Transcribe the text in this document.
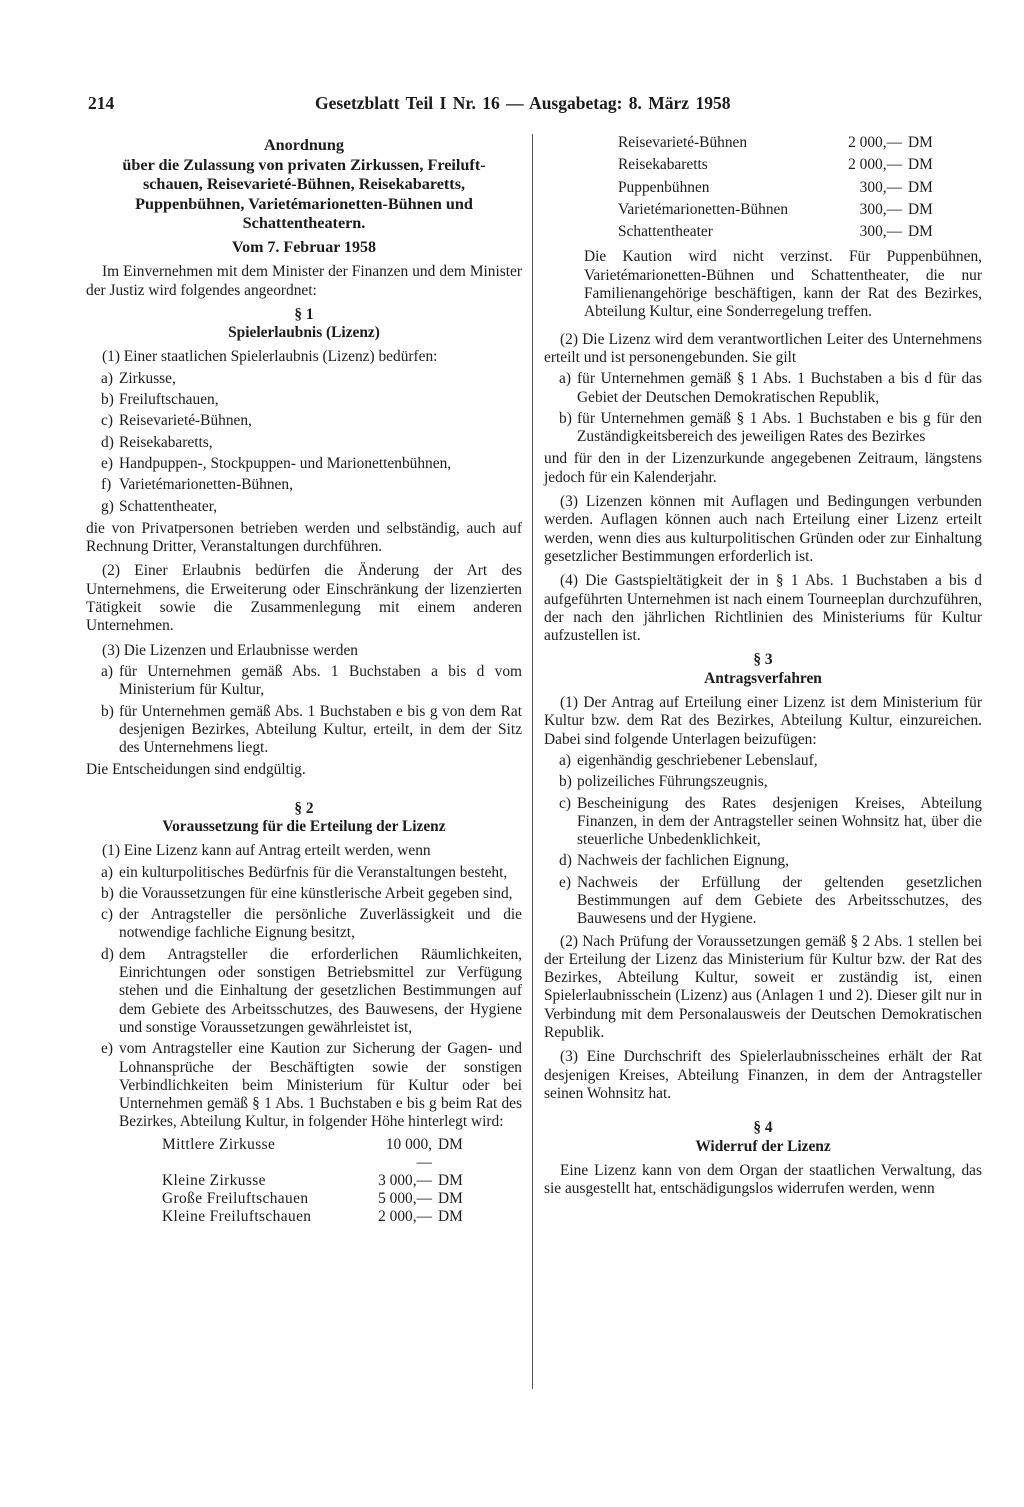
214	Gesetzblatt Teil I Nr. 16 — Ausgabetag: 8. März 1958
Anordnung
über die Zulassung von privaten Zirkussen, Freiluft-
schauen, Reisevarieté-Bühnen, Reisekabaretts,
Puppenbühnen, Varietémarionetten-Bühnen und
Schattentheatern.
Vom 7. Februar 1958

Im Einvernehmen mit dem Minister der Finanzen und dem Minister der Justiz wird folgendes angeordnet:

§ 1
Spielerlaubnis (Lizenz)

(1) Einer staatlichen Spielerlaubnis (Lizenz) bedürfen:

a) Zirkusse,
b) Freiluftschauen,
c) Reisevarieté-Bühnen,
d) Reisekabaretts,
e) Handpuppen-, Stockpuppen- und Marionettenbühnen,
f) Varietémarionetten-Bühnen,
g) Schattentheater,

die von Privatpersonen betrieben werden und selbständig, auch auf Rechnung Dritter, Veranstaltungen durchführen.

(2) Einer Erlaubnis bedürfen die Änderung der Art des Unternehmens, die Erweiterung oder Einschränkung der lizenzierten Tätigkeit sowie die Zusammenlegung mit einem anderen Unternehmen.

(3) Die Lizenzen und Erlaubnisse werden

a) für Unternehmen gemäß Abs. 1 Buchstaben a bis d vom Ministerium für Kultur,
b) für Unternehmen gemäß Abs. 1 Buchstaben e bis g von dem Rat desjenigen Bezirkes, Abteilung Kultur, erteilt, in dem der Sitz des Unternehmens liegt.

Die Entscheidungen sind endgültig.

§ 2
Voraussetzung für die Erteilung der Lizenz

(1) Eine Lizenz kann auf Antrag erteilt werden, wenn

a) ein kulturpolitisches Bedürfnis für die Veranstaltungen besteht,
b) die Voraussetzungen für eine künstlerische Arbeit gegeben sind,
c) der Antragsteller die persönliche Zuverlässigkeit und die notwendige fachliche Eignung besitzt,
d) dem Antragsteller die erforderlichen Räumlichkeiten, Einrichtungen oder sonstigen Betriebsmittel zur Verfügung stehen und die Einhaltung der gesetzlichen Bestimmungen auf dem Gebiete des Arbeitsschutzes, des Bauwesens, der Hygiene und sonstige Voraussetzungen gewährleistet ist,
e) vom Antragsteller eine Kaution zur Sicherung der Gagen- und Lohnansprüche der Beschäftigten sowie der sonstigen Verbindlichkeiten beim Ministerium für Kultur oder bei Unternehmen gemäß § 1 Abs. 1 Buchstaben e bis g beim Rat des Bezirkes, Abteilung Kultur, in folgender Höhe hinterlegt wird:
Mittlere Zirkusse	10 000,—
DM
Kleine Zirkusse	3 000,— DM
Große Freiluftschauen	5 000,— DM
Kleine Freiluftschauen	2 000,— DM
Reisevarieté-Bühnen	2 000,— DM
Reisekabaretts	2 000,— DM
Puppenbühnen	300,— DM
Varietémarionetten-Bühnen	300,— DM
Schattentheater	300,— DM

Die Kaution wird nicht verzinst. Für Puppenbühnen, Varietémarionetten-Bühnen und Schattentheater, die nur Familienangehörige beschäftigen, kann der Rat des Bezirkes, Abteilung Kultur, eine Sonderregelung treffen.

(2) Die Lizenz wird dem verantwortlichen Leiter des Unternehmens erteilt und ist personengebunden. Sie gilt

a) für Unternehmen gemäß § 1 Abs. 1 Buchstaben a bis d für das Gebiet der Deutschen Demokratischen Republik,
b) für Unternehmen gemäß § 1 Abs. 1 Buchstaben e bis g für den Zuständigkeitsbereich des jeweiligen Rates des Bezirkes

und für den in der Lizenzurkunde angegebenen Zeitraum, längstens jedoch für ein Kalenderjahr.

(3) Lizenzen können mit Auflagen und Bedingungen verbunden werden. Auflagen können auch nach Erteilung einer Lizenz erteilt werden, wenn dies aus kulturpolitischen Gründen oder zur Einhaltung gesetzlicher Bestimmungen erforderlich ist.

(4) Die Gastspieltätigkeit der in § 1 Abs. 1 Buchstaben a bis d aufgeführten Unternehmen ist nach einem Tourneeplan durchzuführen, der nach den jährlichen Richtlinien des Ministeriums für Kultur aufzustellen ist.

§ 3
Antragsverfahren

(1) Der Antrag auf Erteilung einer Lizenz ist dem Ministerium für Kultur bzw. dem Rat des Bezirkes, Abteilung Kultur, einzureichen. Dabei sind folgende Unterlagen beizufügen:

a) eigenhändig geschriebener Lebenslauf,
b) polizeiliches Führungszeugnis,
c) Bescheinigung des Rates desjenigen Kreises, Abteilung Finanzen, in dem der Antragsteller seinen Wohnsitz hat, über die steuerliche Unbedenklichkeit,
d) Nachweis der fachlichen Eignung,
e) Nachweis der Erfüllung der geltenden gesetzlichen Bestimmungen auf dem Gebiete des Arbeitsschutzes, des Bauwesens und der Hygiene.

(2) Nach Prüfung der Voraussetzungen gemäß § 2 Abs. 1 stellen bei der Erteilung der Lizenz das Ministerium für Kultur bzw. der Rat des Bezirkes, Abteilung Kultur, soweit er zuständig ist, einen Spielerlaubnisschein (Lizenz) aus (Anlagen 1 und 2). Dieser gilt nur in Verbindung mit dem Personalausweis der Deutschen Demokratischen Republik.

(3) Eine Durchschrift des Spielerlaubnisscheines erhält der Rat desjenigen Kreises, Abteilung Finanzen, in dem der Antragsteller seinen Wohnsitz hat.

§ 4
Widerruf der Lizenz

Eine Lizenz kann von dem Organ der staatlichen Verwaltung, das sie ausgestellt hat, entschädigungslos widerrufen werden, wenn
